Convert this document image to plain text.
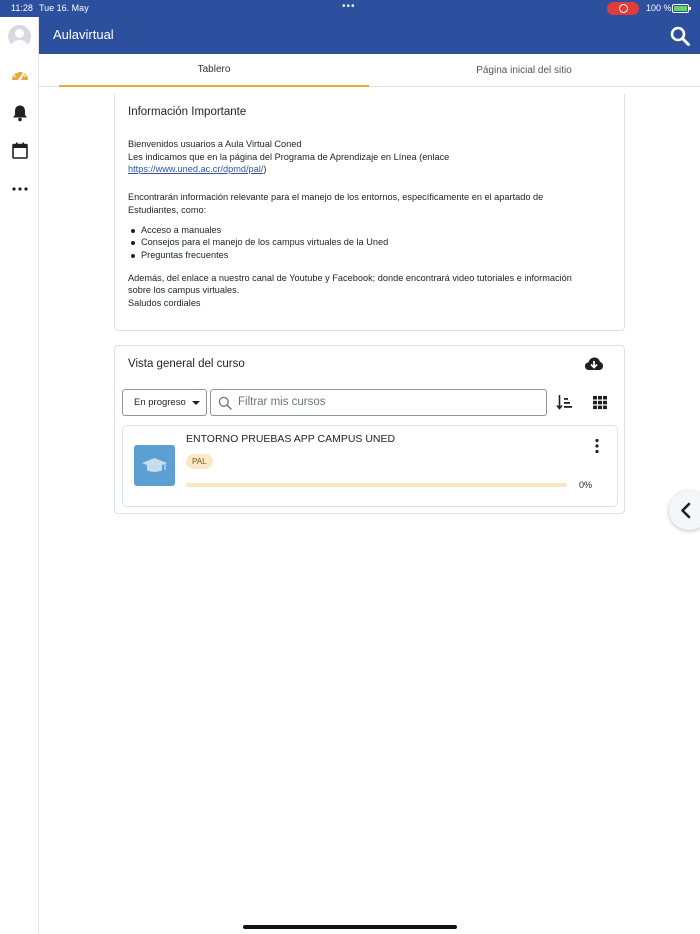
11:28 Tue 16. May	•••	100 %
Aulavirtual
Tablero	Página inicial del sitio
Información Importante
Bienvenidos usuarios a Aula Virtual Coned
Les indicamos que en la página del Programa de Aprendizaje en Línea (enlace
https://www.uned.ac.cr/dpmd/pal/)
Encontrarán información relevante para el manejo de los entornos, específicamente en el apartado de
Estudiantes, como:
Acceso a manuales
Consejos para el manejo de los campus virtuales de la Uned
Preguntas frecuentes
Además, del enlace a nuestro canal de Youtube y Facebook; donde encontrará video tutoriales e información
sobre los campus virtuales.
Saludos cordiales
Vista general del curso
En progreso	Filtrar mis cursos
ENTORNO PRUEBAS APP CAMPUS UNED
PAL
0%
